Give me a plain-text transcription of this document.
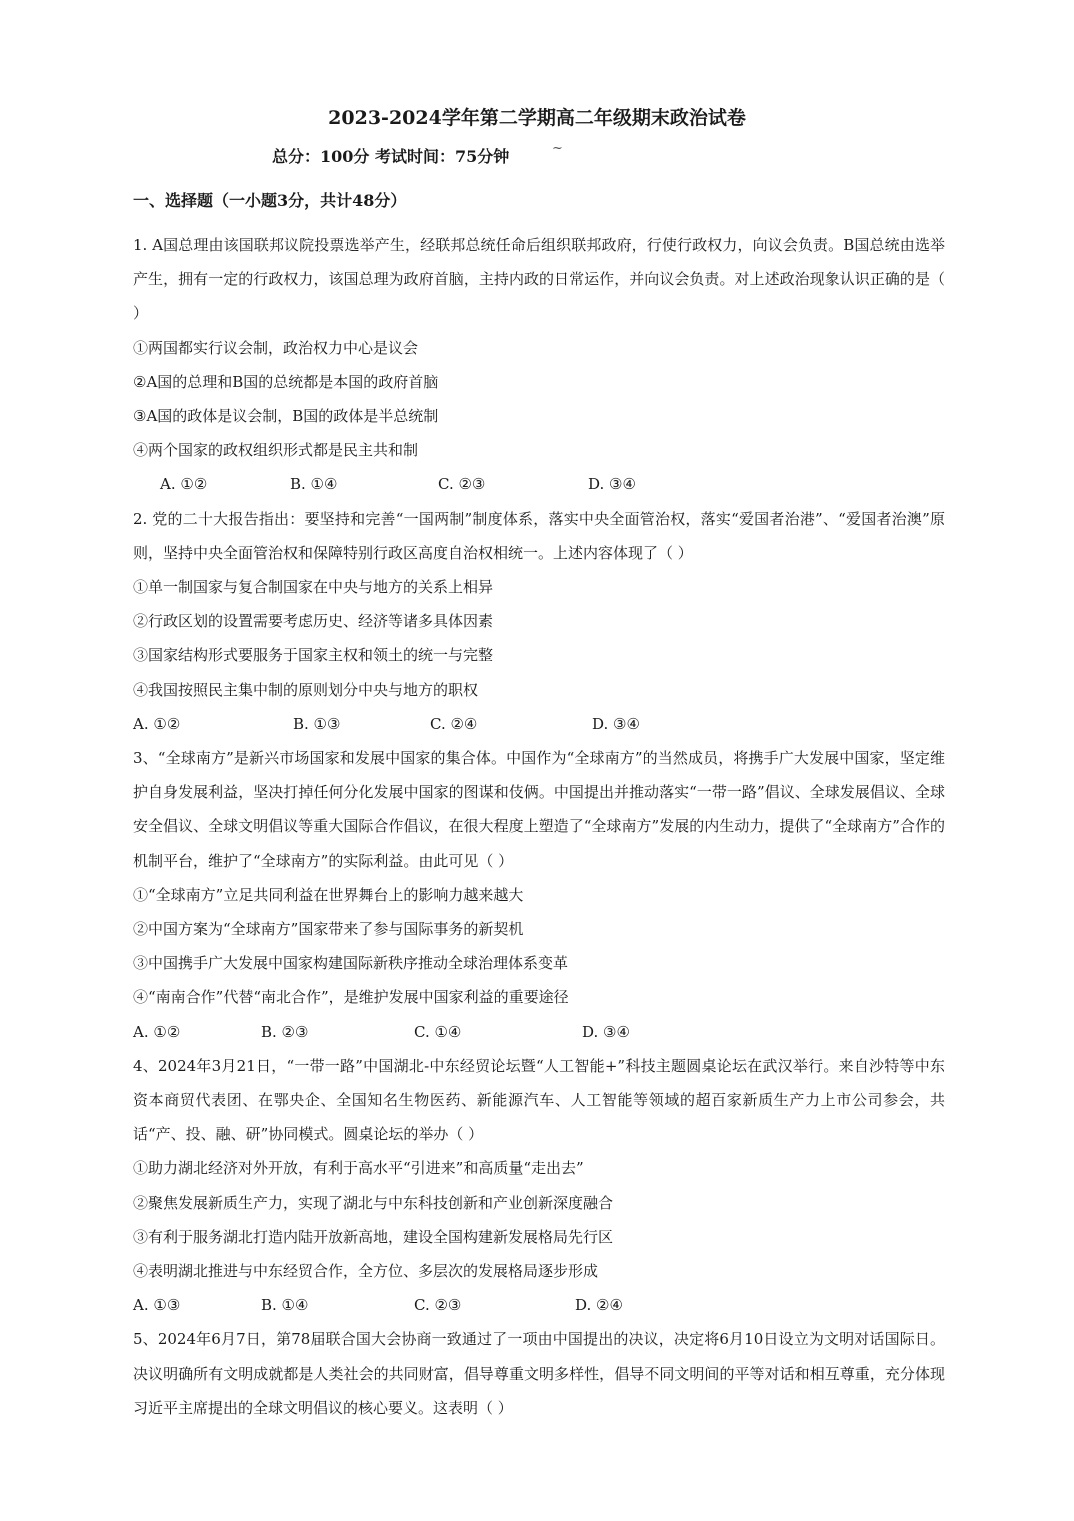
2023-2024学年第二学期高二年级期末政治试卷
总分：100分 考试时间：75分钟	~
一、选择题（一小题3分，共计48分）

1. A国总理由该国联邦议院投票选举产生，经联邦总统任命后组织联邦政府，行使行政权力，向议会负责。B国总统由选举产生，拥有一定的行政权力，该国总理为政府首脑，主持内政的日常运作，并向议会负责。对上述政治现象认识正确的是（ ）

①两国都实行议会制，政治权力中心是议会

②A国的总理和B国的总统都是本国的政府首脑

③A国的政体是议会制，B国的政体是半总统制

④两个国家的政权组织形式都是民主共和制

A. ①②	B. ①④	C. ②③	D. ③④

2. 党的二十大报告指出：要坚持和完善“一国两制”制度体系，落实中央全面管治权，落实“爱国者治港”、“爱国者治澳”原则，坚持中央全面管治权和保障特别行政区高度自治权相统一。上述内容体现了（ ）

①单一制国家与复合制国家在中央与地方的关系上相异

②行政区划的设置需要考虑历史、经济等诸多具体因素

③国家结构形式要服务于国家主权和领土的统一与完整

④我国按照民主集中制的原则划分中央与地方的职权

A. ①②	B. ①③	C. ②④	D. ③④

3、“全球南方”是新兴市场国家和发展中国家的集合体。中国作为“全球南方”的当然成员，将携手广大发展中国家，坚定维护自身发展利益，坚决打掉任何分化发展中国家的图谋和伎俩。中国提出并推动落实“一带一路”倡议、全球发展倡议、全球安全倡议、全球文明倡议等重大国际合作倡议，在很大程度上塑造了“全球南方”发展的内生动力，提供了“全球南方”合作的机制平台，维护了“全球南方”的实际利益。由此可见（ ）

①“全球南方”立足共同利益在世界舞台上的影响力越来越大

②中国方案为“全球南方”国家带来了参与国际事务的新契机

③中国携手广大发展中国家构建国际新秩序推动全球治理体系变革

④“南南合作”代替“南北合作”，是维护发展中国家利益的重要途径

A. ①②	B. ②③	C. ①④	D. ③④

4、2024年3月21日，“一带一路”中国湖北-中东经贸论坛暨“人工智能+”科技主题圆桌论坛在武汉举行。来自沙特等中东资本商贸代表团、在鄂央企、全国知名生物医药、新能源汽车、人工智能等领域的超百家新质生产力上市公司参会，共话“产、投、融、研”协同模式。圆桌论坛的举办（ ）

①助力湖北经济对外开放，有利于高水平“引进来”和高质量“走出去”

②聚焦发展新质生产力，实现了湖北与中东科技创新和产业创新深度融合

③有利于服务湖北打造内陆开放新高地，建设全国构建新发展格局先行区

④表明湖北推进与中东经贸合作，全方位、多层次的发展格局逐步形成

A. ①③	B. ①④	C. ②③	D. ②④

5、2024年6月7日，第78届联合国大会协商一致通过了一项由中国提出的决议，决定将6月10日设立为文明对话国际日。决议明确所有文明成就都是人类社会的共同财富，倡导尊重文明多样性，倡导不同文明间的平等对话和相互尊重，充分体现习近平主席提出的全球文明倡议的核心要义。这表明（ ）
